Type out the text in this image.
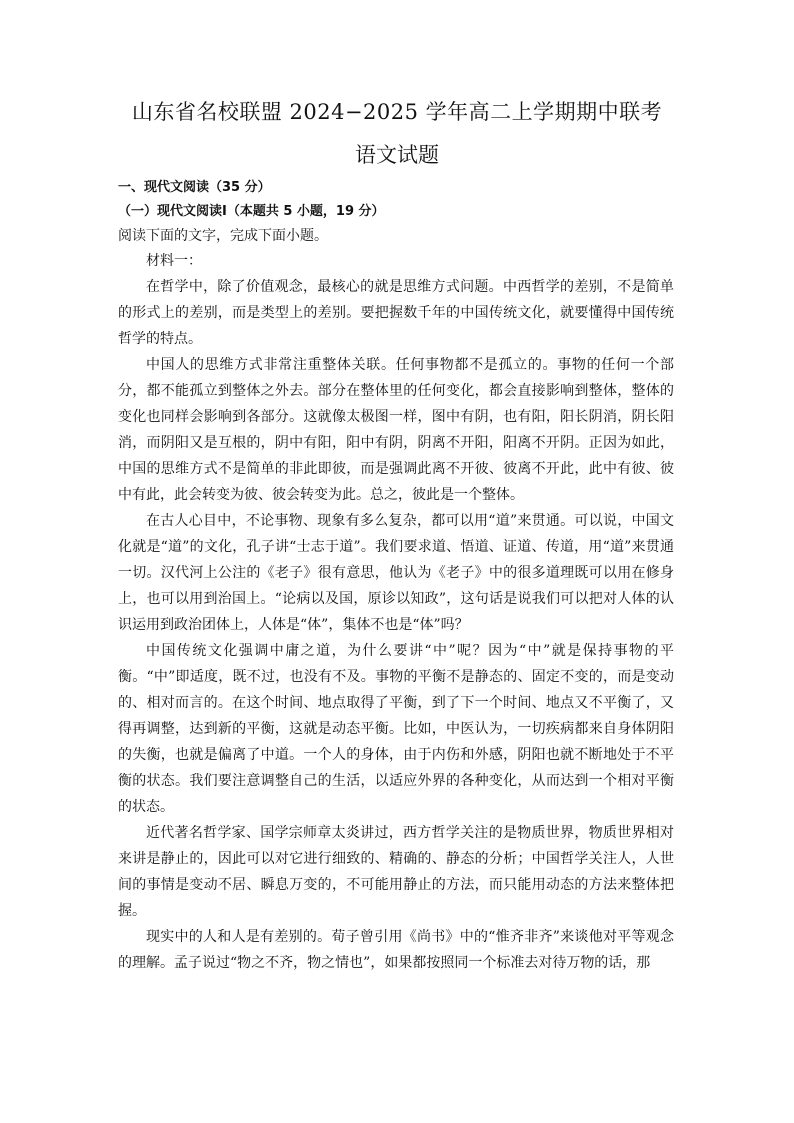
山东省名校联盟 2024−2025 学年高二上学期期中联考
语文试题

一、现代文阅读（35 分）

（一）现代文阅读Ⅰ（本题共 5 小题，19 分）

阅读下面的文字，完成下面小题。

材料一：

在哲学中，除了价值观念，最核心的就是思维方式问题。中西哲学的差别，不是简单的形式上的差别，而是类型上的差别。要把握数千年的中国传统文化，就要懂得中国传统哲学的特点。

中国人的思维方式非常注重整体关联。任何事物都不是孤立的。事物的任何一个部分，都不能孤立到整体之外去。部分在整体里的任何变化，都会直接影响到整体，整体的变化也同样会影响到各部分。这就像太极图一样，图中有阴，也有阳，阳长阴消，阴长阳消，而阴阳又是互根的，阴中有阳，阳中有阴，阴离不开阳，阳离不开阴。正因为如此，中国的思维方式不是简单的非此即彼，而是强调此离不开彼、彼离不开此，此中有彼、彼中有此，此会转变为彼、彼会转变为此。总之，彼此是一个整体。

在古人心目中，不论事物、现象有多么复杂，都可以用“道”来贯通。可以说，中国文化就是“道”的文化，孔子讲“士志于道”。我们要求道、悟道、证道、传道，用“道”来贯通一切。汉代河上公注的《老子》很有意思，他认为《老子》中的很多道理既可以用在修身上，也可以用到治国上。“论病以及国，原诊以知政”，这句话是说我们可以把对人体的认识运用到政治团体上，人体是“体”，集体不也是“体”吗？

中国传统文化强调中庸之道，为什么要讲“中”呢？因为“中”就是保持事物的平衡。“中”即适度，既不过，也没有不及。事物的平衡不是静态的、固定不变的，而是变动的、相对而言的。在这个时间、地点取得了平衡，到了下一个时间、地点又不平衡了，又得再调整，达到新的平衡，这就是动态平衡。比如，中医认为，一切疾病都来自身体阴阳的失衡，也就是偏离了中道。一个人的身体，由于内伤和外感，阴阳也就不断地处于不平衡的状态。我们要注意调整自己的生活，以适应外界的各种变化，从而达到一个相对平衡的状态。

近代著名哲学家、国学宗师章太炎讲过，西方哲学关注的是物质世界，物质世界相对来讲是静止的，因此可以对它进行细致的、精确的、静态的分析；中国哲学关注人，人世间的事情是变动不居、瞬息万变的，不可能用静止的方法，而只能用动态的方法来整体把握。

现实中的人和人是有差别的。荀子曾引用《尚书》中的“惟齐非齐”来谈他对平等观念的理解。孟子说过“物之不齐，物之情也”，如果都按照同一个标准去对待万物的话，那
